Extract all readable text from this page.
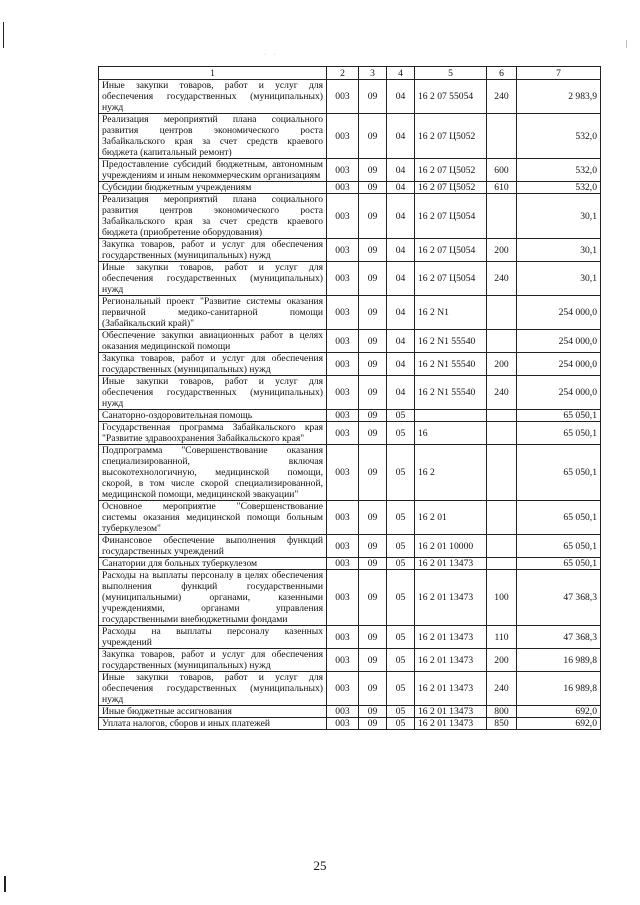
· ·
1	2	3	4	5	6	7
Иные закупки товаров, работ и услуг для обеспечения государственных (муниципальных) нужд	003	09	04	16 2 07 55054	240	2 983,9
Реализация мероприятий плана социального развития центров экономического роста Забайкальского края за счет средств краевого бюджета (капитальный ремонт)	003	09	04	16 2 07 Ц5052		532,0
Предоставление субсидий бюджетным, автономным учреждениям и иным некоммерческим организациям	003	09	04	16 2 07 Ц5052	600	532,0
Субсидии бюджетным учреждениям	003	09	04	16 2 07 Ц5052	610	532,0
Реализация мероприятий плана социального развития центров экономического роста Забайкальского края за счет средств краевого бюджета (приобретение оборудования)	003	09	04	16 2 07 Ц5054		30,1
Закупка товаров, работ и услуг для обеспечения государственных (муниципальных) нужд	003	09	04	16 2 07 Ц5054	200	30,1
Иные закупки товаров, работ и услуг для обеспечения государственных (муниципальных) нужд	003	09	04	16 2 07 Ц5054	240	30,1
Региональный проект "Развитие системы оказания первичной медико-санитарной помощи (Забайкальский край)"	003	09	04	16 2 N1		254 000,0
Обеспечение закупки авиационных работ в целях оказания медицинской помощи	003	09	04	16 2 N1 55540		254 000,0
Закупка товаров, работ и услуг для обеспечения государственных (муниципальных) нужд	003	09	04	16 2 N1 55540	200	254 000,0
Иные закупки товаров, работ и услуг для обеспечения государственных (муниципальных) нужд	003	09	04	16 2 N1 55540	240	254 000,0
Санаторно-оздоровительная помощь	003	09	05			65 050,1
Государственная программа Забайкальского края "Развитие здравоохранения Забайкальского края"	003	09	05	16		65 050,1
Подпрограмма "Совершенствование оказания специализированной, включая высокотехнологичную, медицинской помощи, скорой, в том числе скорой специализированной, медицинской помощи, медицинской эвакуации"	003	09	05	16 2		65 050,1
Основное мероприятие "Совершенствование системы оказания медицинской помощи больным туберкулезом"	003	09	05	16 2 01		65 050,1
Финансовое обеспечение выполнения функций государственных учреждений	003	09	05	16 2 01 10000		65 050,1
Санатории для больных туберкулезом	003	09	05	16 2 01 13473		65 050,1
Расходы на выплаты персоналу в целях обеспечения выполнения функций государственными (муниципальными) органами, казенными учреждениями, органами управления государственными внебюджетными фондами	003	09	05	16 2 01 13473	100	47 368,3
Расходы на выплаты персоналу казенных учреждений	003	09	05	16 2 01 13473	110	47 368,3
Закупка товаров, работ и услуг для обеспечения государственных (муниципальных) нужд	003	09	05	16 2 01 13473	200	16 989,8
Иные закупки товаров, работ и услуг для обеспечения государственных (муниципальных) нужд	003	09	05	16 2 01 13473	240	16 989,8
Иные бюджетные ассигнования	003	09	05	16 2 01 13473	800	692,0
Уплата налогов, сборов и иных платежей	003	09	05	16 2 01 13473	850	692,0
25
